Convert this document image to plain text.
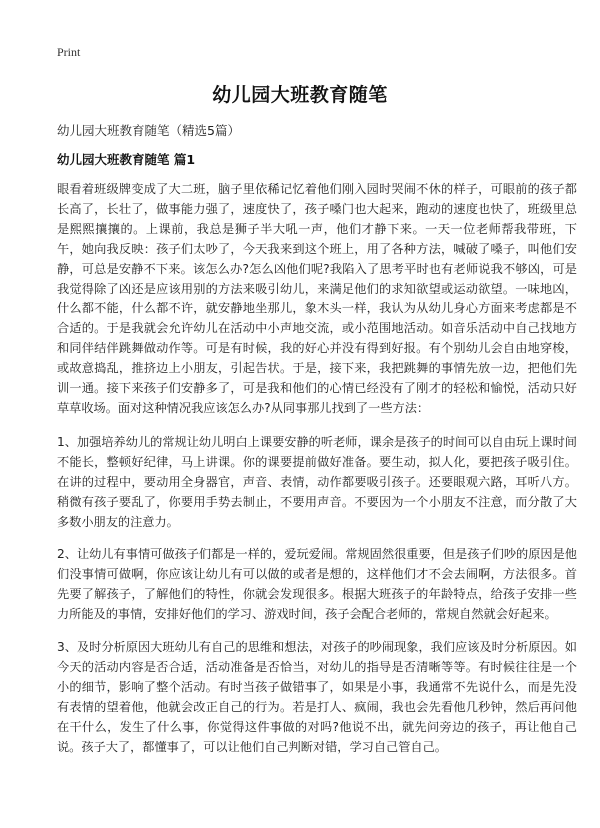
Print
幼儿园大班教育随笔
幼儿园大班教育随笔（精选5篇）
幼儿园大班教育随笔 篇1

眼看着班级牌变成了大二班，脑子里依稀记忆着他们刚入园时哭闹不休的样子，可眼前的孩子都长高了，长壮了，做事能力强了，速度快了，孩子嗓门也大起来，跑动的速度也快了，班级里总是熙熙攘攘的。上课前，我总是狮子半大吼一声，他们才静下来。一天一位老师帮我带班，下午，她向我反映：孩子们太吵了，今天我来到这个班上，用了各种方法，喊破了嗓子，叫他们安静，可总是安静不下来。该怎么办?怎么凶他们呢?我陷入了思考平时也有老师说我不够凶，可是我觉得除了凶还是应该用别的方法来吸引幼儿，来满足他们的求知欲望或运动欲望。一味地凶，什么都不能，什么都不许，就安静地坐那儿，象木头一样，我认为从幼儿身心方面来考虑都是不合适的。于是我就会允许幼儿在活动中小声地交流，或小范围地活动。如音乐活动中自己找地方和同伴结伴跳舞做动作等。可是有时候，我的好心并没有得到好报。有个别幼儿会自由地穿梭，或故意捣乱，推挤边上小朋友，引起告状。于是，接下来，我把跳舞的事情先放一边，把他们先训一通。接下来孩子们安静多了，可是我和他们的心情已经没有了刚才的轻松和愉悦，活动只好草草收场。面对这种情况我应该怎么办?从同事那儿找到了一些方法：

1、加强培养幼儿的常规让幼儿明白上课要安静的听老师，课余是孩子的时间可以自由玩上课时间不能长，整顿好纪律，马上讲课。你的课要提前做好准备。要生动，拟人化，要把孩子吸引住。在讲的过程中，要动用全身器官，声音、表情，动作都要吸引孩子。还要眼观六路，耳听八方。稍微有孩子要乱了，你要用手势去制止，不要用声音。不要因为一个小朋友不注意，而分散了大多数小朋友的注意力。

2、让幼儿有事情可做孩子们都是一样的，爱玩爱闹。常规固然很重要，但是孩子们吵的原因是他们没事情可做啊，你应该让幼儿有可以做的或者是想的，这样他们才不会去闹啊，方法很多。首先要了解孩子，了解他们的特性，你就会发现很多。根据大班孩子的年龄特点，给孩子安排一些力所能及的事情，安排好他们的学习、游戏时间，孩子会配合老师的，常规自然就会好起来。

3、及时分析原因大班幼儿有自己的思维和想法，对孩子的吵闹现象，我们应该及时分析原因。如今天的活动内容是否合适，活动准备是否恰当，对幼儿的指导是否清晰等等。有时候往往是一个小的细节，影响了整个活动。有时当孩子做错事了，如果是小事，我通常不先说什么，而是先没有表情的望着他，他就会改正自己的行为。若是打人、疯闹，我也会先看他几秒钟，然后再问他在干什么，发生了什么事，你觉得这件事做的对吗?他说不出，就先问旁边的孩子，再让他自己说。孩子大了，都懂事了，可以让他们自己判断对错，学习自己管自己。
